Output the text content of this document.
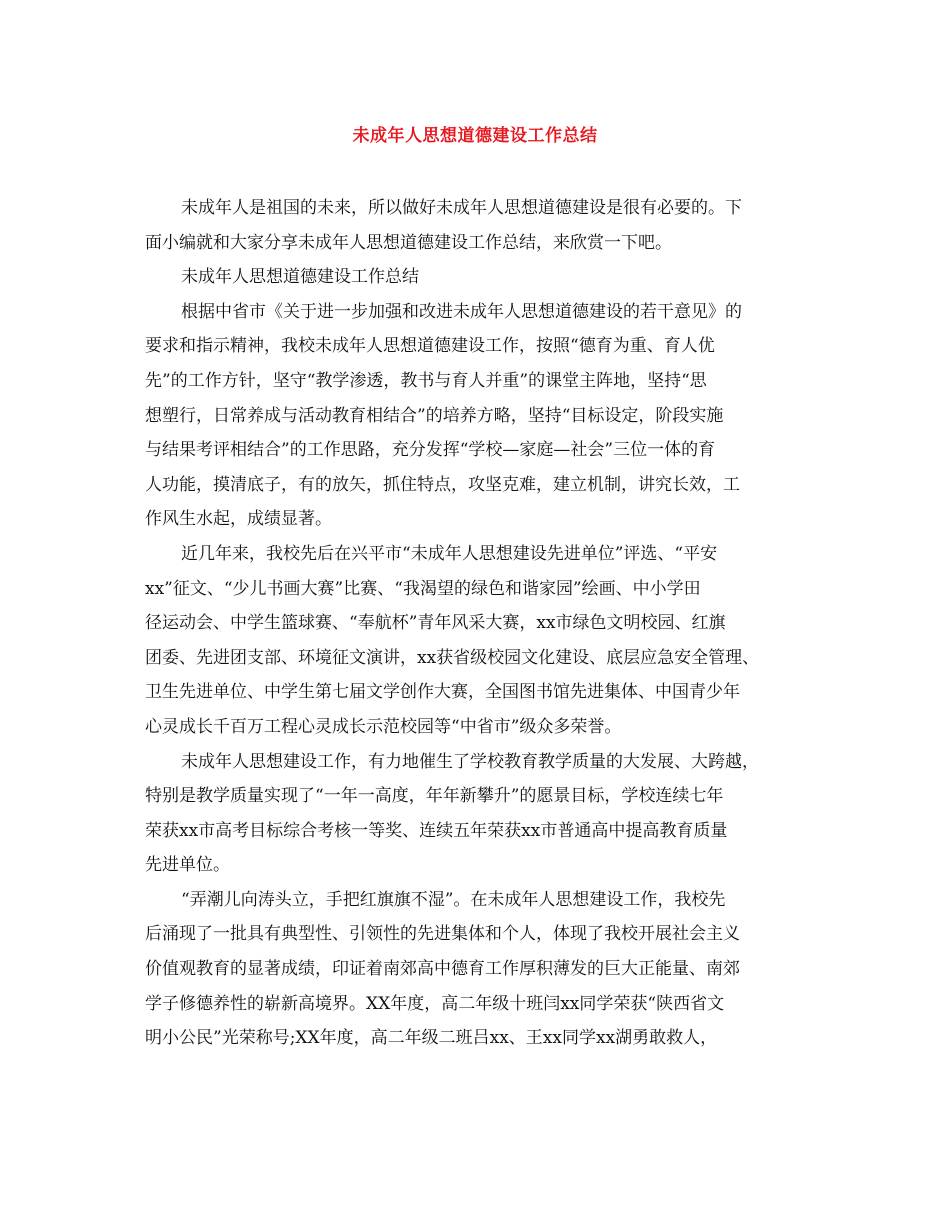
未成年人思想道德建设工作总结
未成年人是祖国的未来，所以做好未成年人思想道德建设是很有必要的。下
面小编就和大家分享未成年人思想道德建设工作总结，来欣赏一下吧。
未成年人思想道德建设工作总结
根据中省市《关于进一步加强和改进未成年人思想道德建设的若干意见》的
要求和指示精神，我校未成年人思想道德建设工作，按照“德育为重、育人优
先”的工作方针，坚守“教学渗透，教书与育人并重”的课堂主阵地，坚持“思
想塑行，日常养成与活动教育相结合”的培养方略，坚持“目标设定，阶段实施
与结果考评相结合”的工作思路，充分发挥“学校—家庭—社会”三位一体的育
人功能，摸清底子，有的放矢，抓住特点，攻坚克难，建立机制，讲究长效，工
作风生水起，成绩显著。
近几年来，我校先后在兴平市“未成年人思想建设先进单位”评选、“平安
xx”征文、“少儿书画大赛”比赛、“我渴望的绿色和谐家园”绘画、中小学田
径运动会、中学生篮球赛、“奉航杯”青年风采大赛，xx市绿色文明校园、红旗
团委、先进团支部、环境征文演讲，xx获省级校园文化建设、底层应急安全管理、
卫生先进单位、中学生第七届文学创作大赛，全国图书馆先进集体、中国青少年
心灵成长千百万工程心灵成长示范校园等“中省市”级众多荣誉。
未成年人思想建设工作，有力地催生了学校教育教学质量的大发展、大跨越，
特别是教学质量实现了“一年一高度，年年新攀升”的愿景目标，学校连续七年
荣获xx市高考目标综合考核一等奖、连续五年荣获xx市普通高中提高教育质量
先进单位。
“弄潮儿向涛头立，手把红旗旗不湿”。在未成年人思想建设工作，我校先
后涌现了一批具有典型性、引领性的先进集体和个人，体现了我校开展社会主义
价值观教育的显著成绩，印证着南郊高中德育工作厚积薄发的巨大正能量、南郊
学子修德养性的崭新高境界。XX年度，高二年级十班闫xx同学荣获“陕西省文
明小公民”光荣称号;XX年度，高二年级二班吕xx、王xx同学xx湖勇敢救人，
